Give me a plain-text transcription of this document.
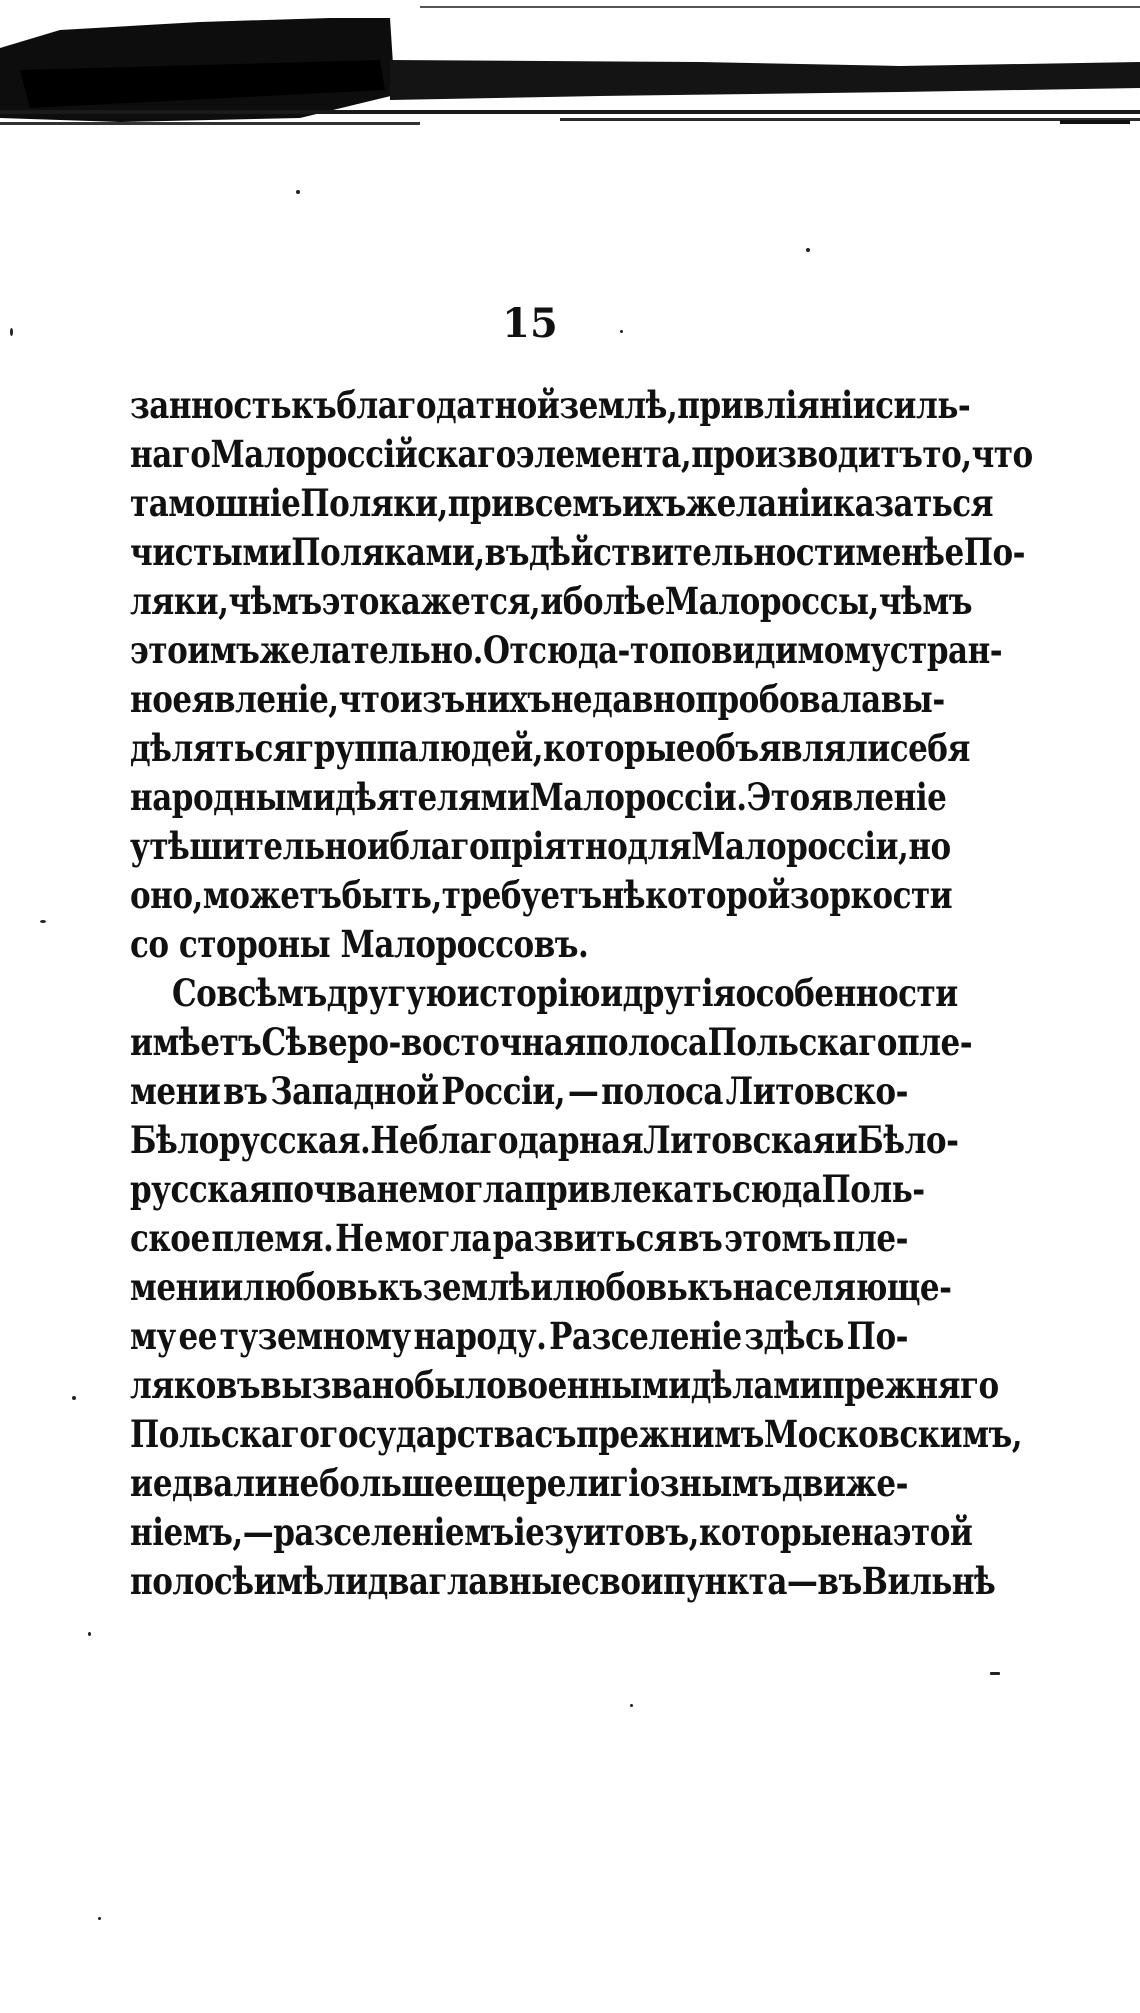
15
занность къ благодатной землѣ, при вліяніи силь-
наго Малороссійскаго элемента, производитъ то, что
тамошніе Поляки, при всемъ ихъ желаніи казаться
чистыми Поляками, въ дѣйствительности менѣе По-
ляки, чѣмъ это кажется, и болѣе Малороссы, чѣмъ
это имъ желательно. Отсюда-то повидимому стран-
ное явленіе, что изъ нихъ недавно пробовала вы-
дѣляться группа людей, которые объявляли себя
народными дѣятелями Малороссіи. Это явленіе
утѣшительно и благопріятно для Малороссіи, но
оно, можетъ быть, требуетъ нѣкоторой зоркости
со стороны Малороссовъ.
Совсѣмъ другую исторію и другія особенности
имѣетъ Сѣверо-восточная полоса Польскаго пле-
мени въ Западной Россіи, — полоса Литовско-
Бѣлорусская. Неблагодарная Литовская и Бѣло-
русская почва не могла привлекать сюда Поль-
ское племя. Не могла развиться въ этомъ пле-
мени и любовь къ землѣ и любовь къ населяюще-
му ее туземному народу. Разселеніе здѣсь По-
ляковъ вызвано было военными дѣлами прежняго
Польскаго государства съ прежнимъ Московскимъ,
и едва ли не больше еще религіознымъ движе-
ніемъ,—разселеніемъ іезуитовъ, которые на этой
полосѣ имѣли два главные свои пункта—въ Вильнѣ
